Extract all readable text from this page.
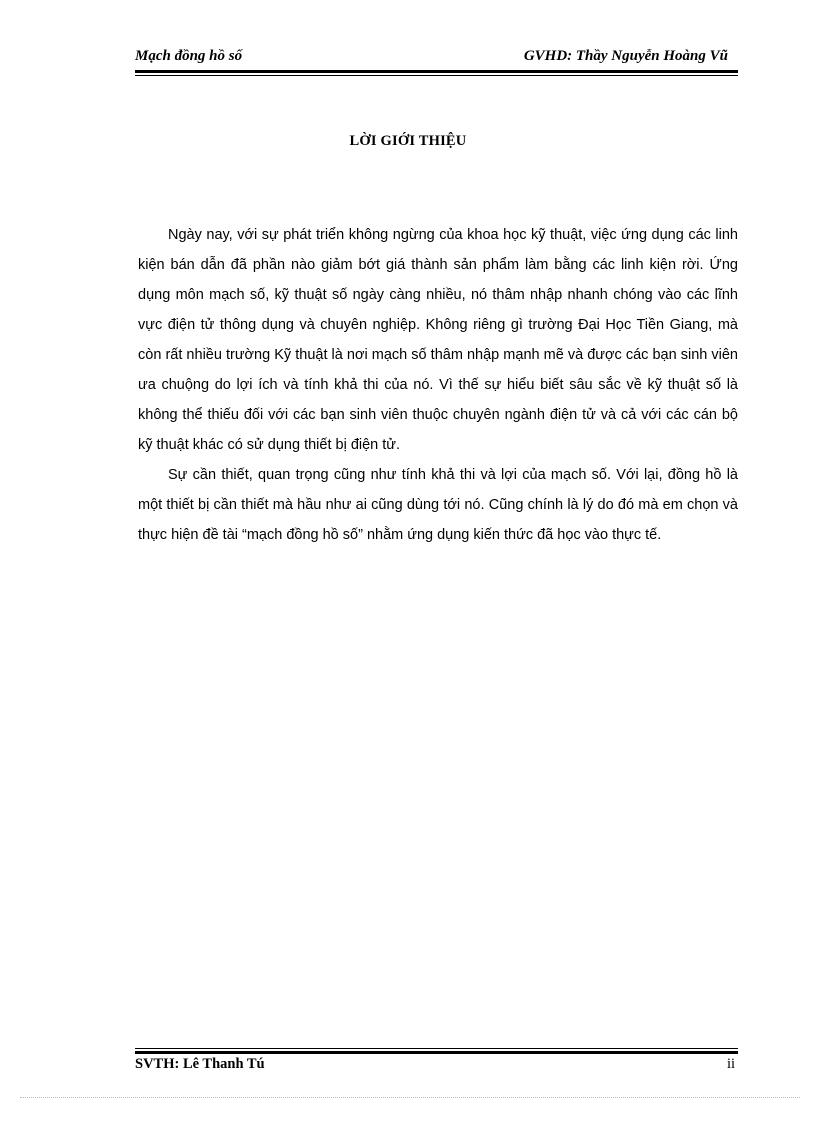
Mạch đồng hồ số	GVHD: Thầy Nguyễn Hoàng Vũ
LỜI GIỚI THIỆU

Ngày nay, với sự phát triển không ngừng của khoa học kỹ thuật, việc ứng dụng các linh kiện bán dẫn đã phần nào giảm bớt giá thành sản phẩm làm bằng các linh kiện rời. Ứng dụng môn mạch số, kỹ thuật số ngày càng nhiều, nó thâm nhập nhanh chóng vào các lĩnh vực điện tử thông dụng và chuyên nghiệp. Không riêng gì trường Đại Học Tiền Giang, mà còn rất nhiều trường Kỹ thuật là nơi mạch số thâm nhập mạnh mẽ và được các bạn sinh viên ưa chuộng do lợi ích và tính khả thi của nó. Vì thế sự hiểu biết sâu sắc về kỹ thuật số là không thể thiếu đối với các bạn sinh viên thuộc chuyên ngành điện tử và cả với các cán bộ kỹ thuật khác có sử dụng thiết bị điện tử.

Sự cần thiết, quan trọng cũng như tính khả thi và lợi của mạch số. Với lại, đồng hồ là một thiết bị cần thiết mà hầu như ai cũng dùng tới nó. Cũng chính là lý do đó mà em chọn và thực hiện đề tài “mạch đồng hồ số” nhằm ứng dụng kiến thức đã học vào thực tế.

SVTH: Lê Thanh Tú	ii
